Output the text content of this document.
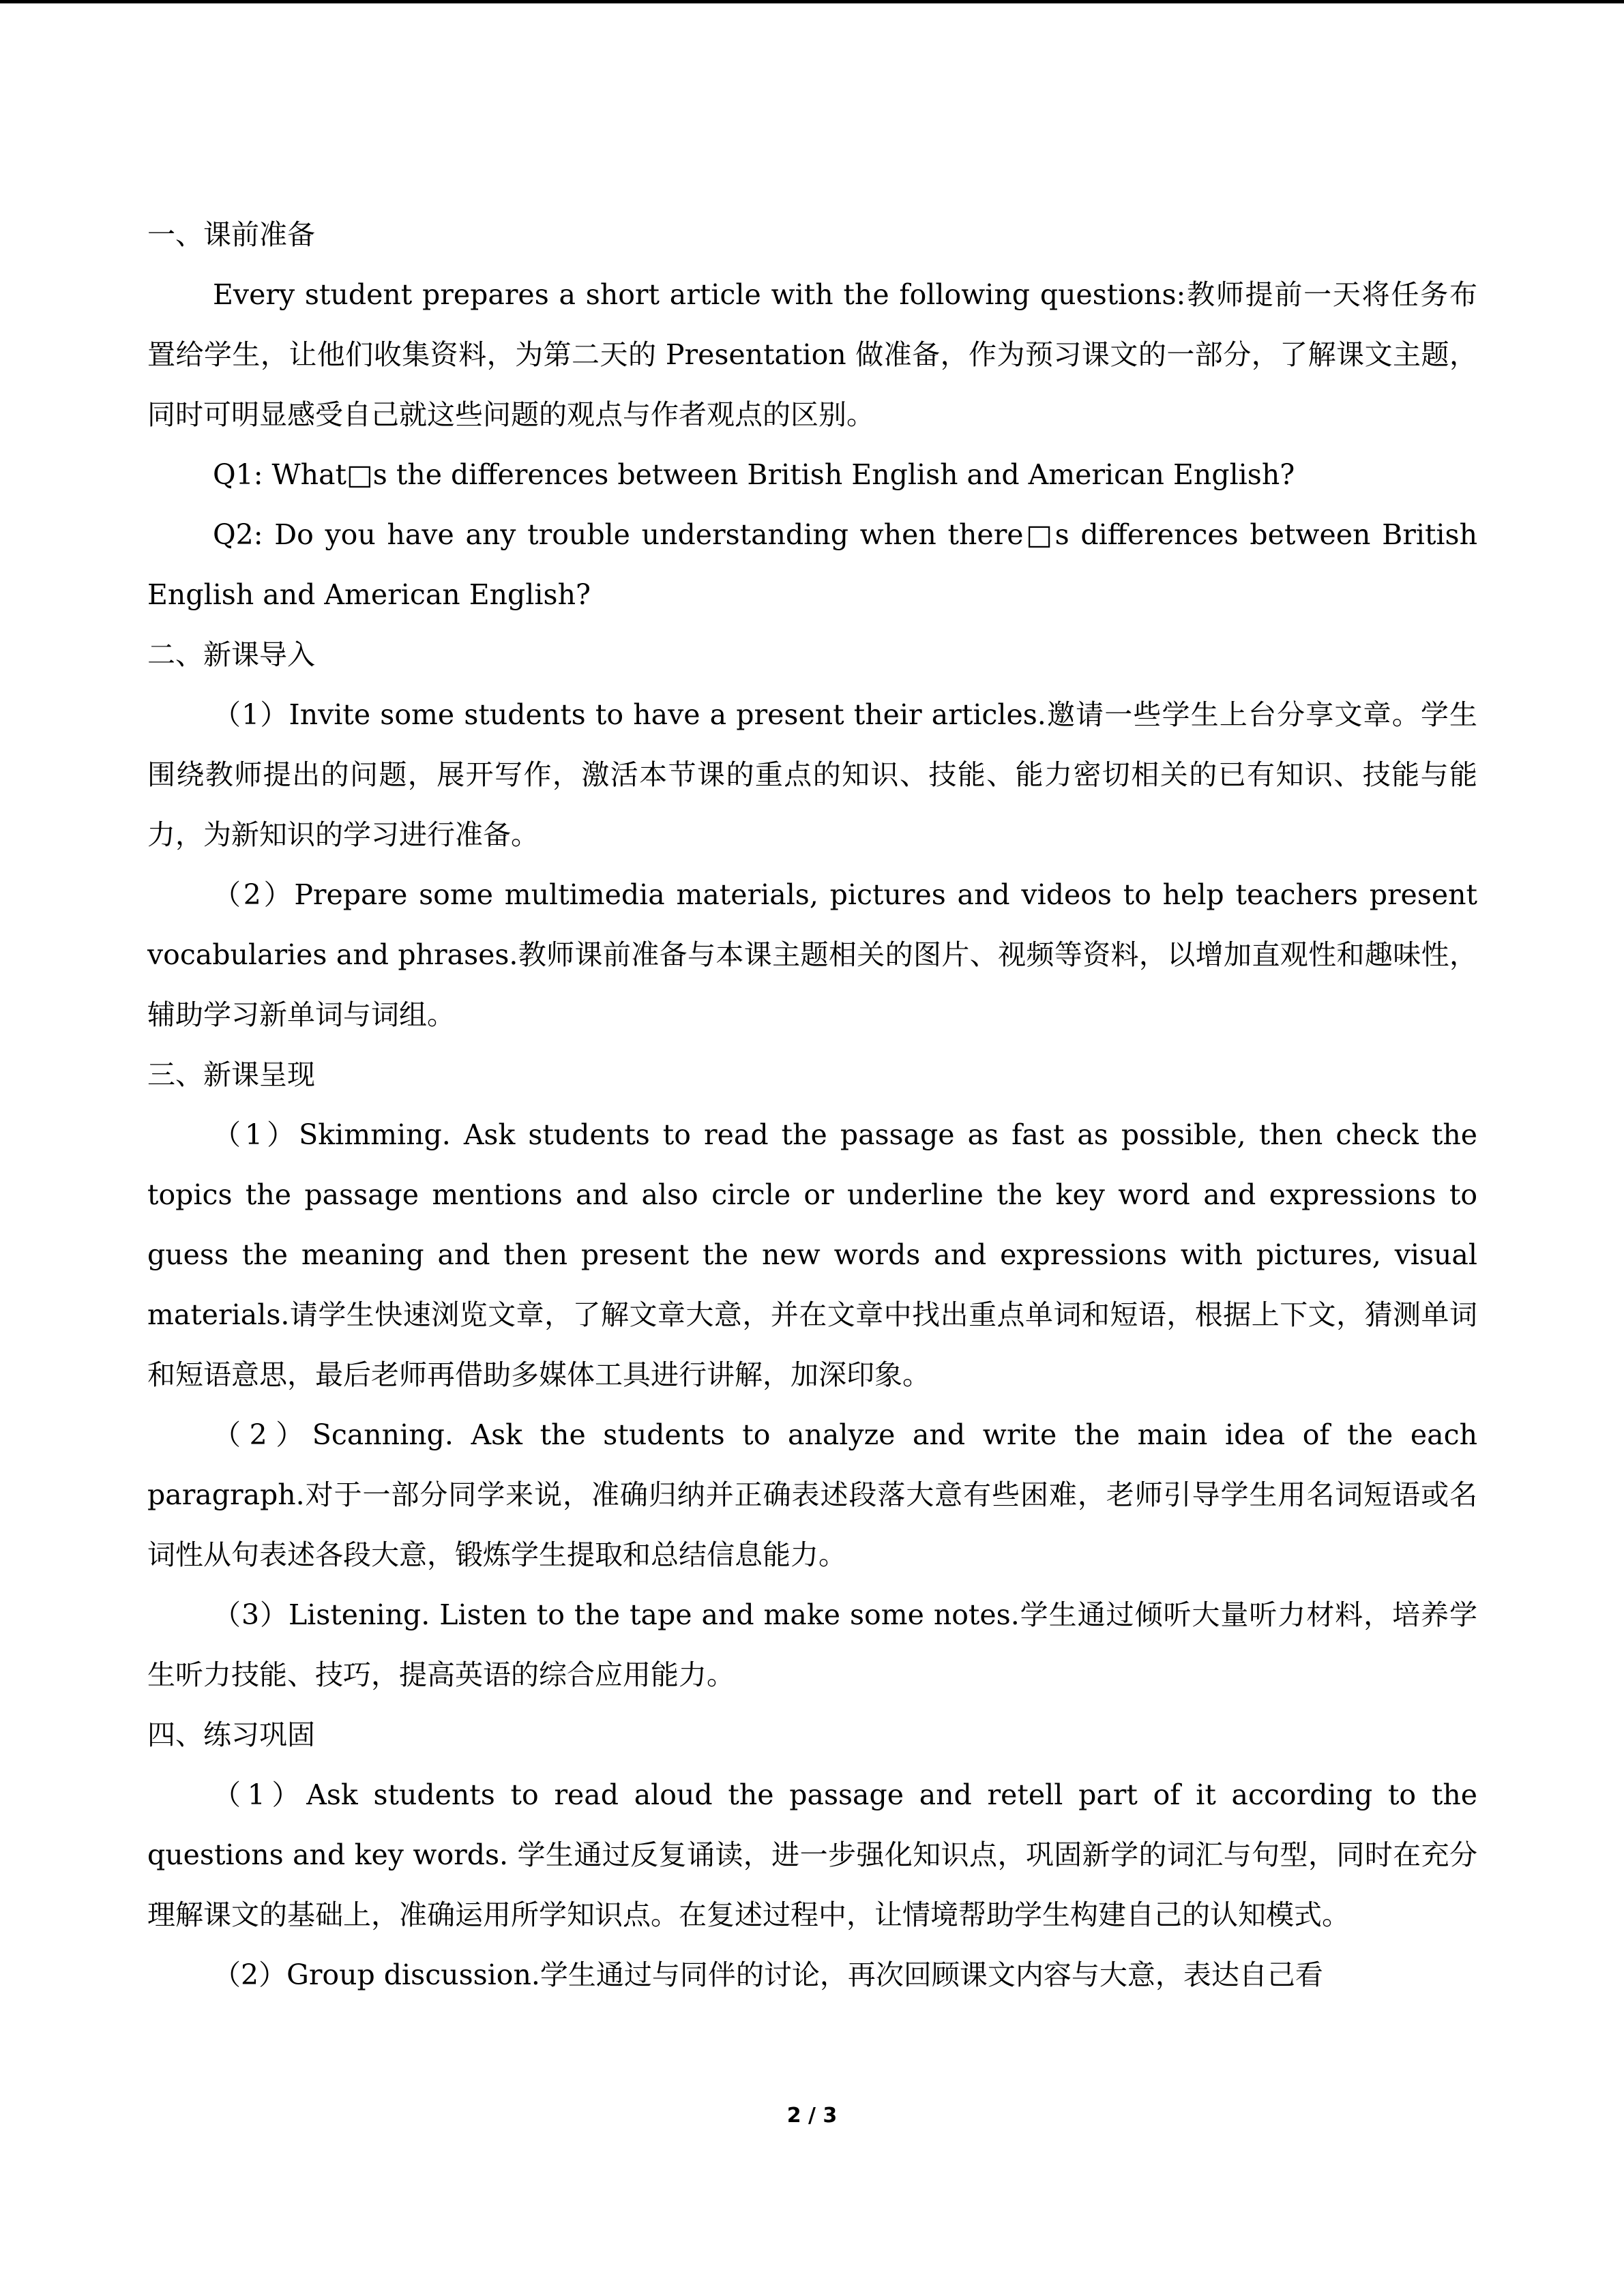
一、课前准备
Every student prepares a short article with the following questions:教师提前一天将任务布置给学生，让他们收集资料，为第二天的 Presentation 做准备，作为预习课文的一部分，了解课文主题，同时可明显感受自己就这些问题的观点与作者观点的区别。
Q1: What□s the differences between British English and American English?
Q2: Do you have any trouble understanding when there□s differences between British English and American English?
二、新课导入
（1）Invite some students to have a present their articles.邀请一些学生上台分享文章。学生围绕教师提出的问题，展开写作，激活本节课的重点的知识、技能、能力密切相关的已有知识、技能与能力，为新知识的学习进行准备。
（2）Prepare some multimedia materials, pictures and videos to help teachers present vocabularies and phrases.教师课前准备与本课主题相关的图片、视频等资料，以增加直观性和趣味性，辅助学习新单词与词组。
三、新课呈现
（1）Skimming. Ask students to read the passage as fast as possible, then check the topics the passage mentions and also circle or underline the key word and expressions to guess the meaning and then present the new words and expressions with pictures, visual materials.请学生快速浏览文章，了解文章大意，并在文章中找出重点单词和短语，根据上下文，猜测单词和短语意思，最后老师再借助多媒体工具进行讲解，加深印象。
（2）Scanning. Ask the students to analyze and write the main idea of the each paragraph.对于一部分同学来说，准确归纳并正确表述段落大意有些困难，老师引导学生用名词短语或名词性从句表述各段大意，锻炼学生提取和总结信息能力。
（3）Listening. Listen to the tape and make some notes.学生通过倾听大量听力材料，培养学生听力技能、技巧，提高英语的综合应用能力。
四、练习巩固
（1）Ask students to read aloud the passage and retell part of it according to the questions and key words. 学生通过反复诵读，进一步强化知识点，巩固新学的词汇与句型，同时在充分理解课文的基础上，准确运用所学知识点。在复述过程中，让情境帮助学生构建自己的认知模式。
（2）Group discussion.学生通过与同伴的讨论，再次回顾课文内容与大意，表达自己看
2 / 3
